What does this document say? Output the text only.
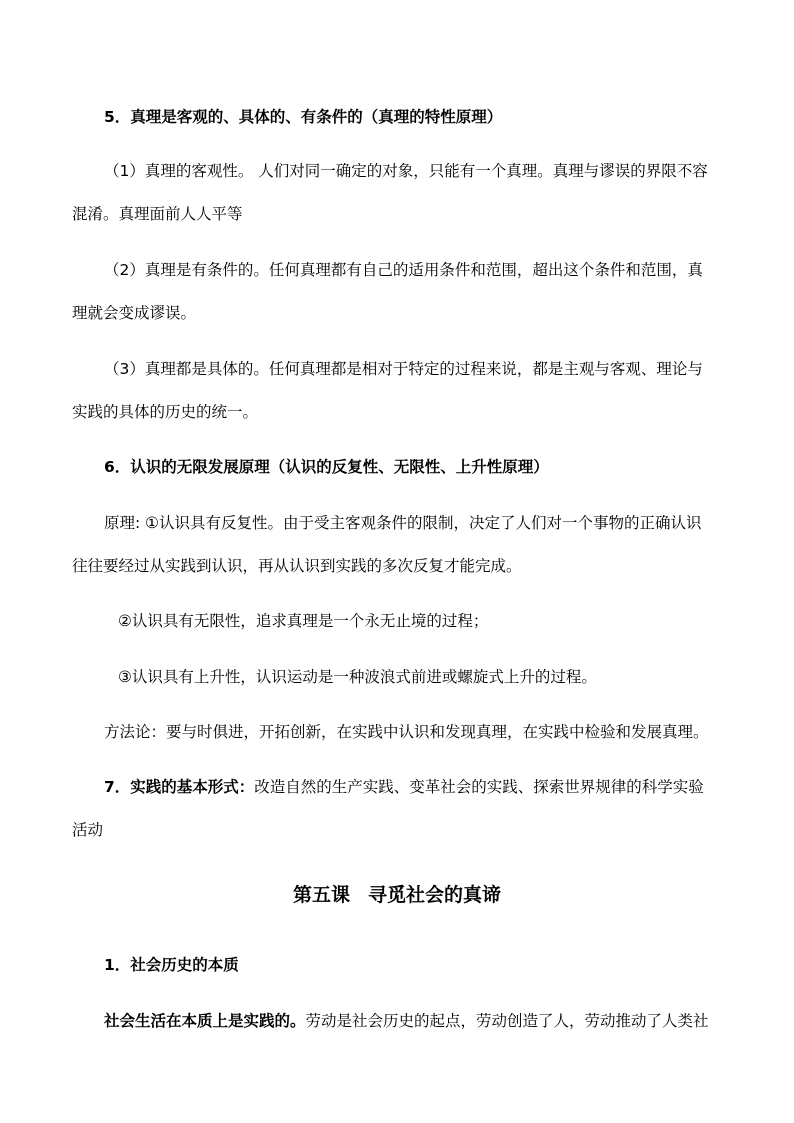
5．真理是客观的、具体的、有条件的（真理的特性原理）
（1）真理的客观性。 人们对同一确定的对象，只能有一个真理。真理与谬误的界限不容
混淆。真理面前人人平等
（2）真理是有条件的。任何真理都有自己的适用条件和范围，超出这个条件和范围，真
理就会变成谬误。
（3）真理都是具体的。任何真理都是相对于特定的过程来说，都是主观与客观、理论与
实践的具体的历史的统一。
6．认识的无限发展原理（认识的反复性、无限性、上升性原理）
原理: ①认识具有反复性。由于受主客观条件的限制，决定了人们对一个事物的正确认识
往往要经过从实践到认识，再从认识到实践的多次反复才能完成。
②认识具有无限性，追求真理是一个永无止境的过程；
③认识具有上升性，认识运动是一种波浪式前进或螺旋式上升的过程。
方法论：要与时俱进，开拓创新，在实践中认识和发现真理，在实践中检验和发展真理。
7．实践的基本形式：改造自然的生产实践、变革社会的实践、探索世界规律的科学实验
活动
第五课 寻觅社会的真谛
1．社会历史的本质
社会生活在本质上是实践的。劳动是社会历史的起点，劳动创造了人，劳动推动了人类社
